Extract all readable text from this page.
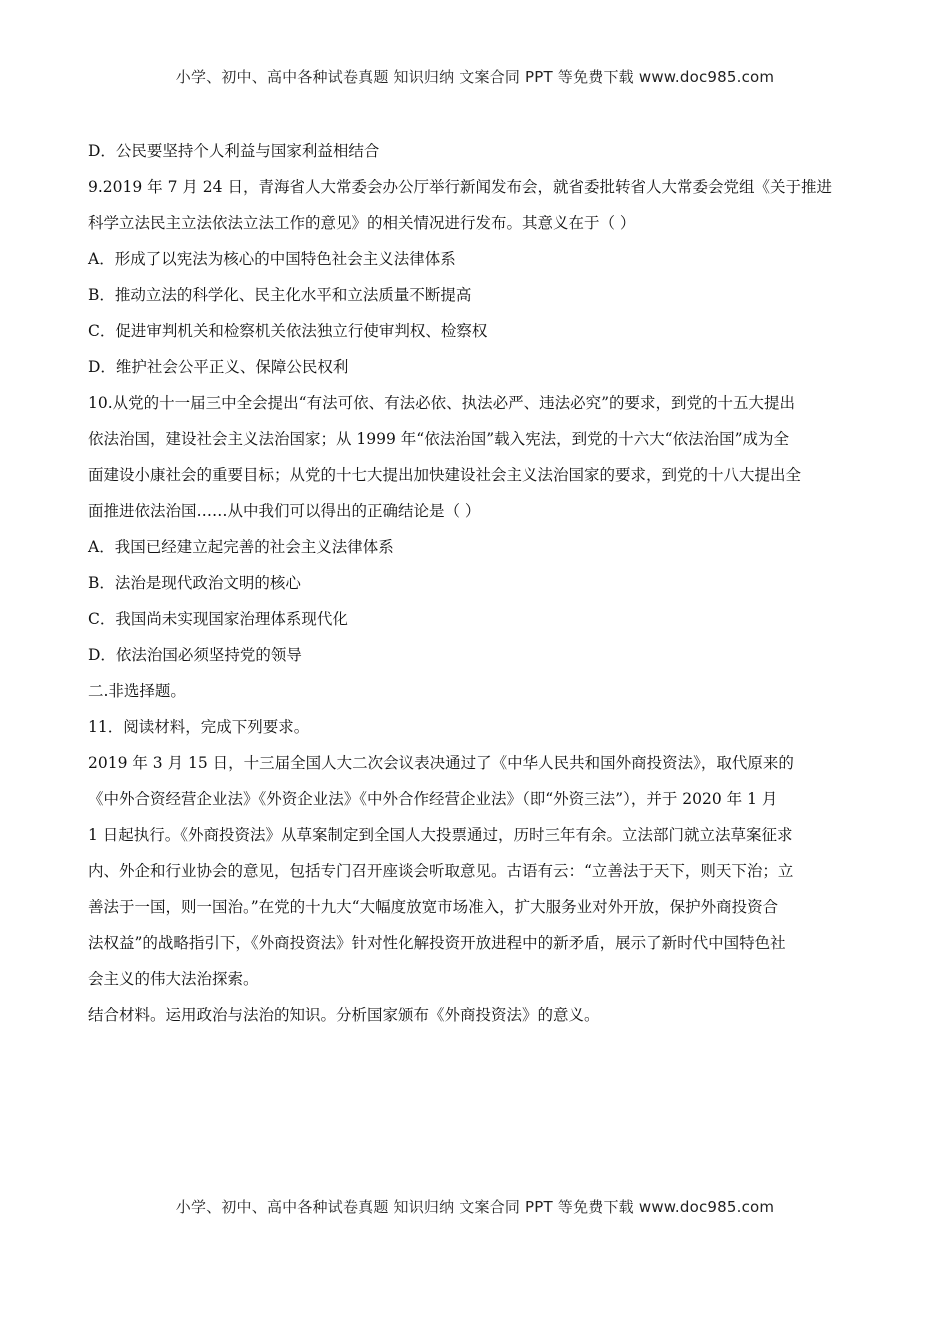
小学、初中、高中各种试卷真题 知识归纳 文案合同 PPT 等免费下载 www.doc985.com

D．公民要坚持个人利益与国家利益相结合

9.2019 年 7 月 24 日，青海省人大常委会办公厅举行新闻发布会，就省委批转省人大常委会党组《关于推进
科学立法民主立法依法立法工作的意见》的相关情况进行发布。其意义在于（ ）

A．形成了以宪法为核心的中国特色社会主义法律体系

B．推动立法的科学化、民主化水平和立法质量不断提高

C．促进审判机关和检察机关依法独立行使审判权、检察权

D．维护社会公平正义、保障公民权利

10.从党的十一届三中全会提出“有法可依、有法必依、执法必严、违法必究”的要求，到党的十五大提出
依法治国，建设社会主义法治国家；从 1999 年“依法治国”载入宪法，到党的十六大“依法治国”成为全
面建设小康社会的重要目标；从党的十七大提出加快建设社会主义法治国家的要求，到党的十八大提出全
面推进依法治国……从中我们可以得出的正确结论是（ ）

A．我国已经建立起完善的社会主义法律体系

B．法治是现代政治文明的核心

C．我国尚未实现国家治理体系现代化

D．依法治国必须坚持党的领导

二.非选择题。

11．阅读材料，完成下列要求。

2019 年 3 月 15 日，十三届全国人大二次会议表决通过了《中华人民共和国外商投资法》，取代原来的
《中外合资经营企业法》《外资企业法》《中外合作经营企业法》（即“外资三法”），并于 2020 年 1 月
1 日起执行。《外商投资法》从草案制定到全国人大投票通过，历时三年有余。立法部门就立法草案征求
内、外企和行业协会的意见，包括专门召开座谈会听取意见。古语有云：“立善法于天下，则天下治；立
善法于一国，则一国治。”在党的十九大“大幅度放宽市场准入，扩大服务业对外开放，保护外商投资合
法权益”的战略指引下，《外商投资法》针对性化解投资开放进程中的新矛盾，展示了新时代中国特色社
会主义的伟大法治探索。

结合材料。运用政治与法治的知识。分析国家颁布《外商投资法》的意义。

小学、初中、高中各种试卷真题 知识归纳 文案合同 PPT 等免费下载 www.doc985.com
